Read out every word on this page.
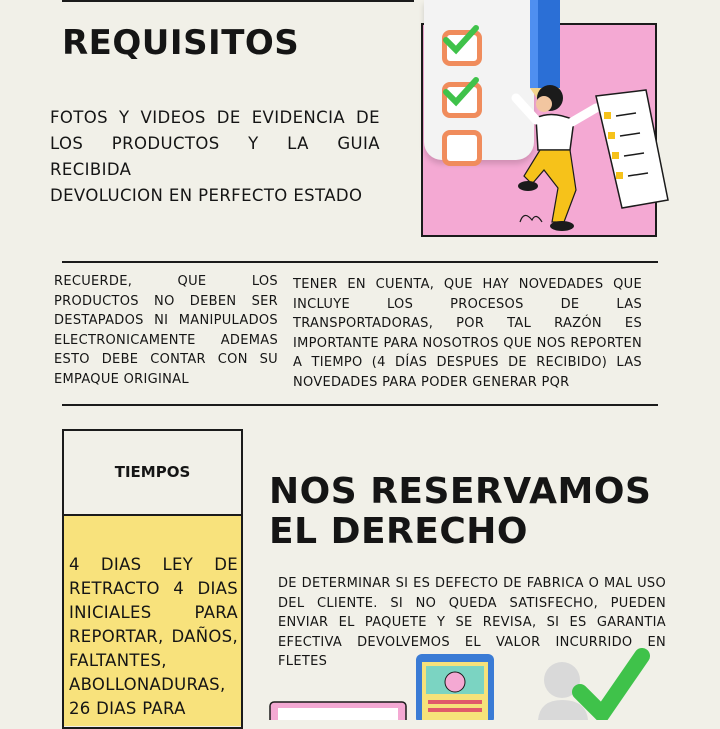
REQUISITOS
FOTOS Y VIDEOS DE EVIDENCIA DE
LOS PRODUCTOS Y LA GUIA
RECIBIDA
DEVOLUCION EN PERFECTO ESTADO
RECUERDE, QUE LOS PRODUCTOS NO DEBEN SER DESTAPADOS NI MANIPULADOS ELECTRONICAMENTE ADEMAS ESTO DEBE CONTAR CON SU EMPAQUE ORIGINAL
TENER EN CUENTA, QUE HAY NOVEDADES QUE INCLUYE LOS PROCESOS DE LAS TRANSPORTADORAS, POR TAL RAZÓN ES IMPORTANTE PARA NOSOTROS QUE NOS REPORTEN A TIEMPO (4 DÍAS DESPUES DE RECIBIDO) LAS NOVEDADES PARA PODER GENERAR PQR
TIEMPOS
4 DIAS LEY DE RETRACTO 4 DIAS INICIALES PARA REPORTAR, DAÑOS, FALTANTES, ABOLLONADURAS, 26 DIAS PARA
NOS RESERVAMOS
EL DERECHO
DE DETERMINAR SI ES DEFECTO DE FABRICA O MAL USO DEL CLIENTE. SI NO QUEDA SATISFECHO, PUEDEN ENVIAR EL PAQUETE Y SE REVISA, SI ES GARANTIA EFECTIVA DEVOLVEMOS EL VALOR INCURRIDO EN FLETES
